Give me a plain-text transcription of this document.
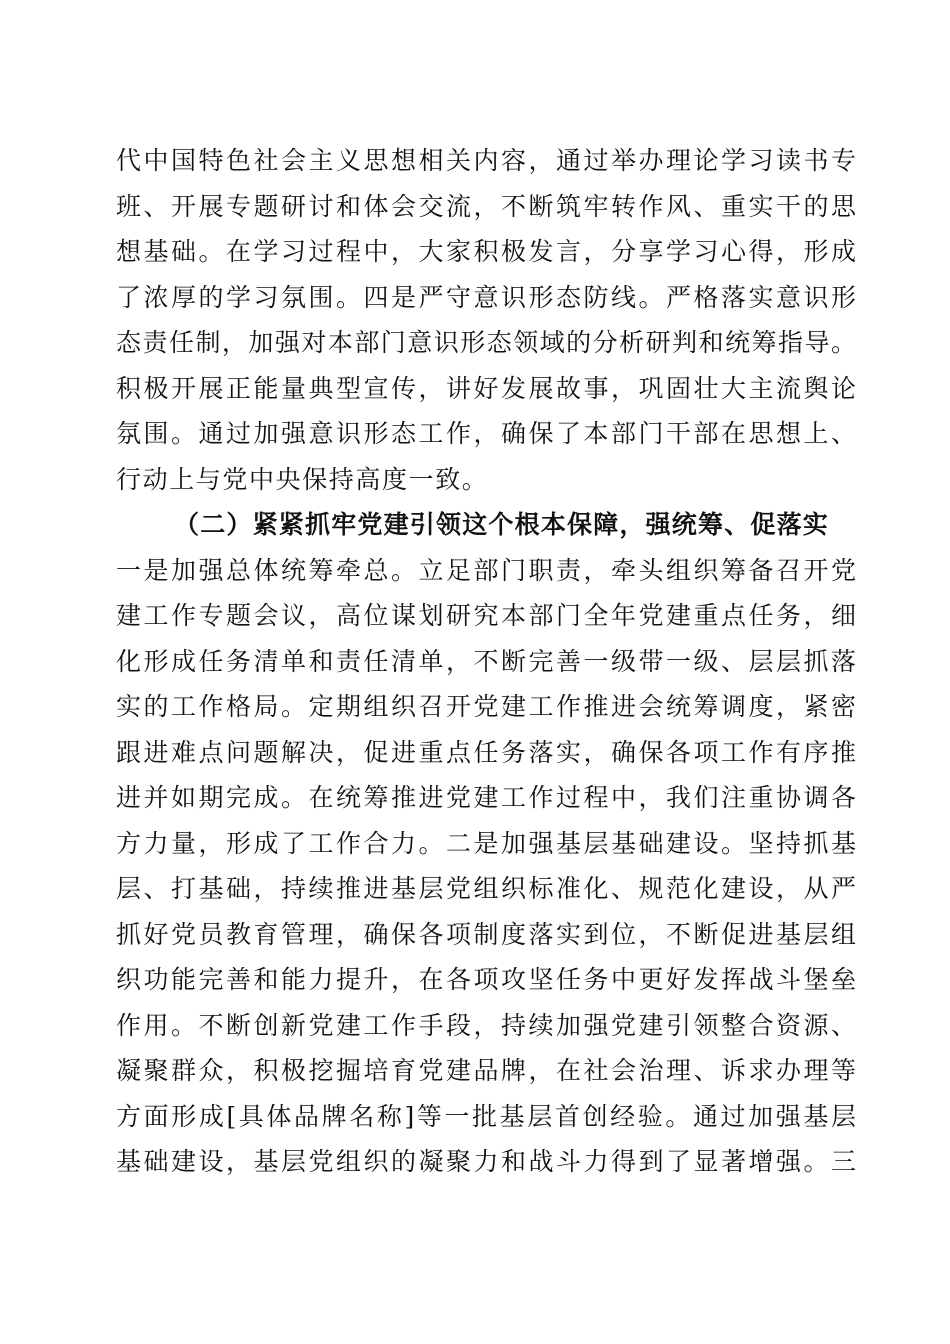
代中国特色社会主义思想相关内容，通过举办理论学习读书专
班、开展专题研讨和体会交流，不断筑牢转作风、重实干的思
想基础。在学习过程中，大家积极发言，分享学习心得，形成
了浓厚的学习氛围。四是严守意识形态防线。严格落实意识形
态责任制，加强对本部门意识形态领域的分析研判和统筹指导。
积极开展正能量典型宣传，讲好发展故事，巩固壮大主流舆论
氛围。通过加强意识形态工作，确保了本部门干部在思想上、
行动上与党中央保持高度一致。
（二）紧紧抓牢党建引领这个根本保障，强统筹、促落实
一是加强总体统筹牵总。立足部门职责，牵头组织筹备召开党
建工作专题会议，高位谋划研究本部门全年党建重点任务，细
化形成任务清单和责任清单，不断完善一级带一级、层层抓落
实的工作格局。定期组织召开党建工作推进会统筹调度，紧密
跟进难点问题解决，促进重点任务落实，确保各项工作有序推
进并如期完成。在统筹推进党建工作过程中，我们注重协调各
方力量，形成了工作合力。二是加强基层基础建设。坚持抓基
层、打基础，持续推进基层党组织标准化、规范化建设，从严
抓好党员教育管理，确保各项制度落实到位，不断促进基层组
织功能完善和能力提升，在各项攻坚任务中更好发挥战斗堡垒
作用。不断创新党建工作手段，持续加强党建引领整合资源、
凝聚群众，积极挖掘培育党建品牌，在社会治理、诉求办理等
方面形成[具体品牌名称]等一批基层首创经验。通过加强基层
基础建设，基层党组织的凝聚力和战斗力得到了显著增强。三
